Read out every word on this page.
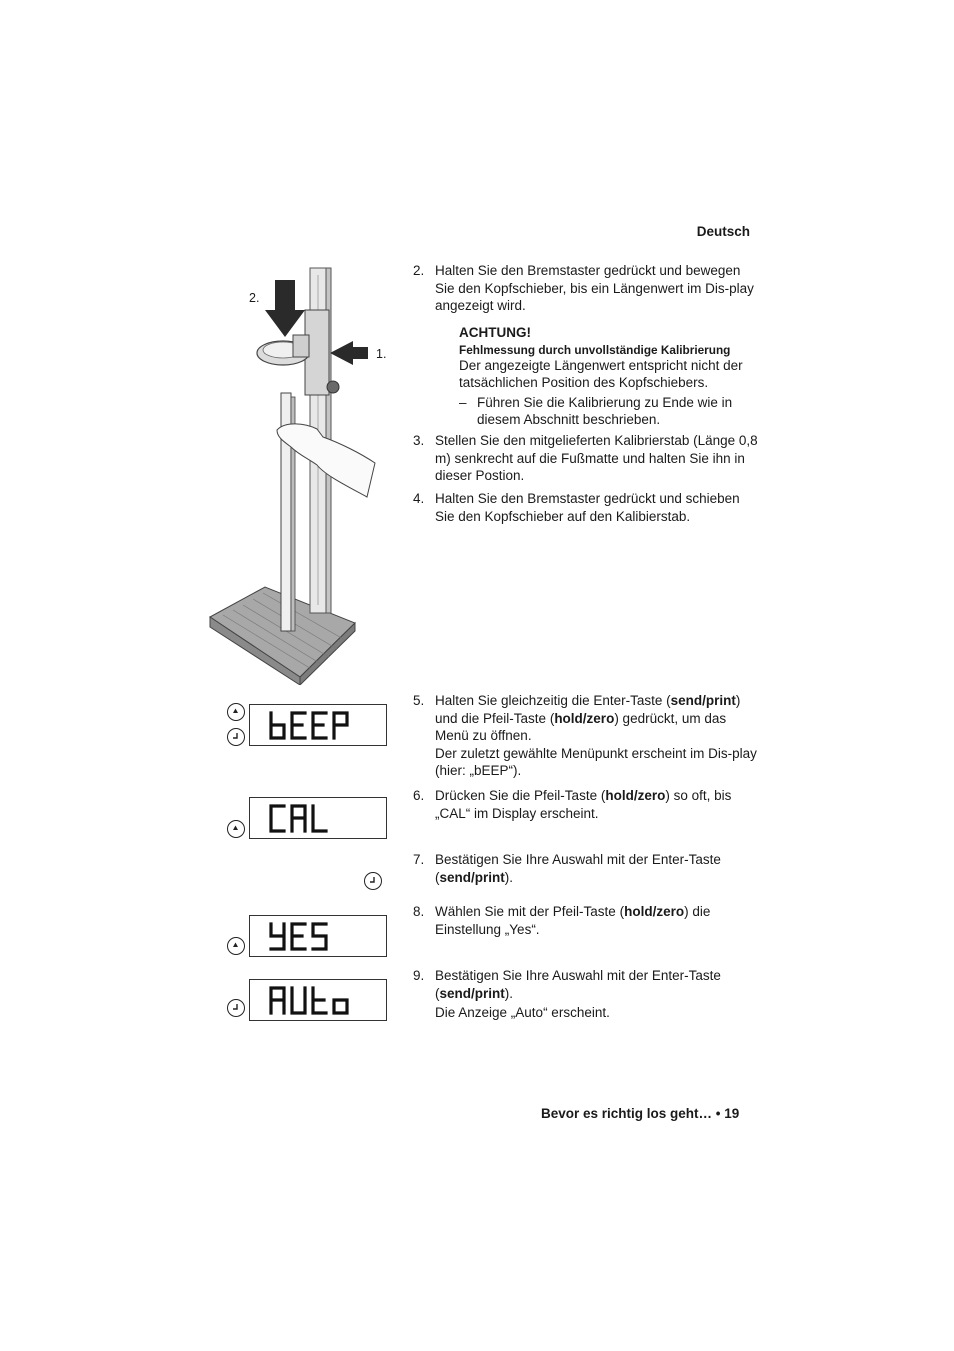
Deutsch
2.
1.
2. Halten Sie den Bremstaster gedrückt und bewegen Sie den Kopfschieber, bis ein Längenwert im Dis-play angezeigt wird.
ACHTUNG!
Fehlmessung durch unvollständige Kalibrierung
Der angezeigte Längenwert entspricht nicht der tatsächlichen Position des Kopfschiebers.
– Führen Sie die Kalibrierung zu Ende wie in diesem Abschnitt beschrieben.
3. Stellen Sie den mitgelieferten Kalibrierstab (Länge 0,8 m) senkrecht auf die Fußmatte und halten Sie ihn in dieser Postion.
4. Halten Sie den Bremstaster gedrückt und schieben Sie den Kopfschieber auf den Kalibierstab.
5. Halten Sie gleichzeitig die Enter-Taste (send/print) und die Pfeil-Taste (hold/zero) gedrückt, um das Menü zu öffnen.
Der zuletzt gewählte Menüpunkt erscheint im Dis-play (hier: „bEEP“).
6. Drücken Sie die Pfeil-Taste (hold/zero) so oft, bis „CAL“ im Display erscheint.
7. Bestätigen Sie Ihre Auswahl mit der Enter-Taste (send/print).
8. Wählen Sie mit der Pfeil-Taste (hold/zero) die Einstellung „Yes“.
9. Bestätigen Sie Ihre Auswahl mit der Enter-Taste (send/print).
Die Anzeige „Auto“ erscheint.
Bevor es richtig los geht… • 19
